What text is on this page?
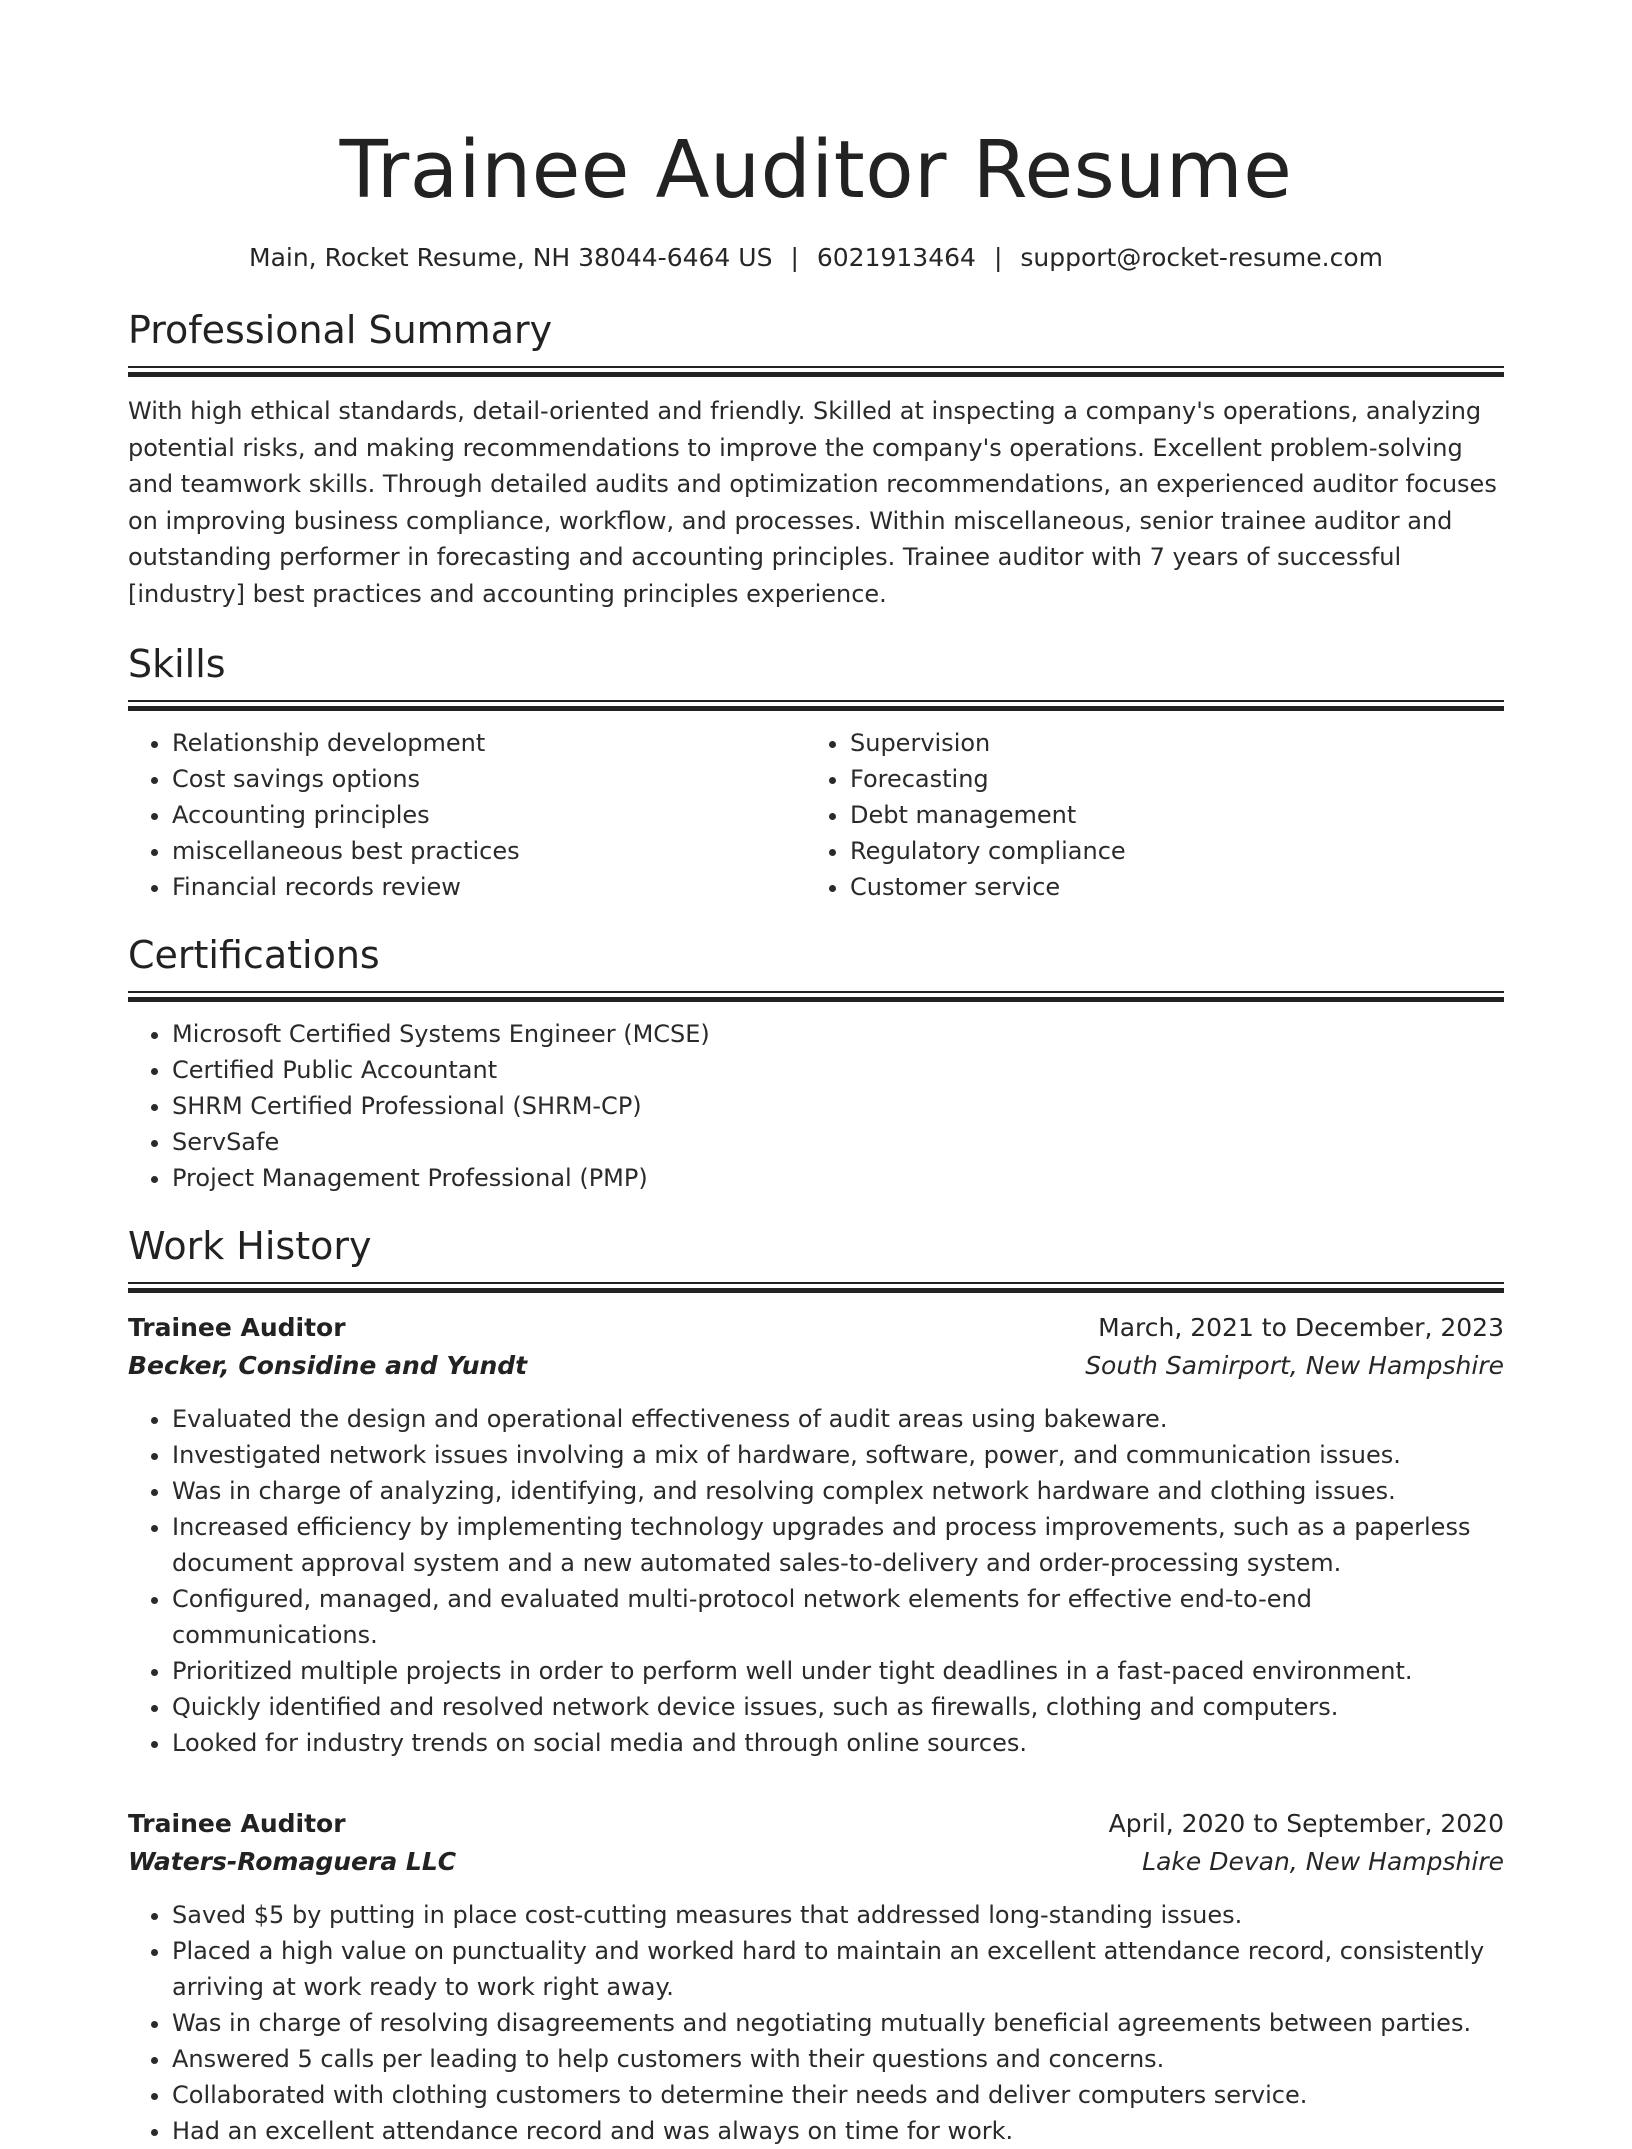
Trainee Auditor Resume
Main, Rocket Resume, NH 38044-6464 US | 6021913464 | support@rocket-resume.com
Professional Summary

With high ethical standards, detail-oriented and friendly. Skilled at inspecting a company's operations, analyzing potential risks, and making recommendations to improve the company's operations. Excellent problem-solving and teamwork skills. Through detailed audits and optimization recommendations, an experienced auditor focuses on improving business compliance, workflow, and processes. Within miscellaneous, senior trainee auditor and outstanding performer in forecasting and accounting principles. Trainee auditor with 7 years of successful [industry] best practices and accounting principles experience.

Skills
• Relationship development
• Cost savings options
• Accounting principles
• miscellaneous best practices
• Financial records review
• Supervision
• Forecasting
• Debt management
• Regulatory compliance
• Customer service
Certifications
• Microsoft Certified Systems Engineer (MCSE)
• Certified Public Accountant
• SHRM Certified Professional (SHRM-CP)
• ServSafe
• Project Management Professional (PMP)
Work History
Trainee Auditor	March, 2021 to December, 2023
Becker, Considine and Yundt	South Samirport, New Hampshire
• Evaluated the design and operational effectiveness of audit areas using bakeware.
• Investigated network issues involving a mix of hardware, software, power, and communication issues.
• Was in charge of analyzing, identifying, and resolving complex network hardware and clothing issues.
• Increased efficiency by implementing technology upgrades and process improvements, such as a paperless document approval system and a new automated sales-to-delivery and order-processing system.
• Configured, managed, and evaluated multi-protocol network elements for effective end-to-end communications.
• Prioritized multiple projects in order to perform well under tight deadlines in a fast-paced environment.
• Quickly identified and resolved network device issues, such as firewalls, clothing and computers.
• Looked for industry trends on social media and through online sources.
Trainee Auditor	April, 2020 to September, 2020
Waters-Romaguera LLC	Lake Devan, New Hampshire
• Saved $5 by putting in place cost-cutting measures that addressed long-standing issues.
• Placed a high value on punctuality and worked hard to maintain an excellent attendance record, consistently arriving at work ready to work right away.
• Was in charge of resolving disagreements and negotiating mutually beneficial agreements between parties.
• Answered 5 calls per leading to help customers with their questions and concerns.
• Collaborated with clothing customers to determine their needs and deliver computers service.
• Had an excellent attendance record and was always on time for work.
